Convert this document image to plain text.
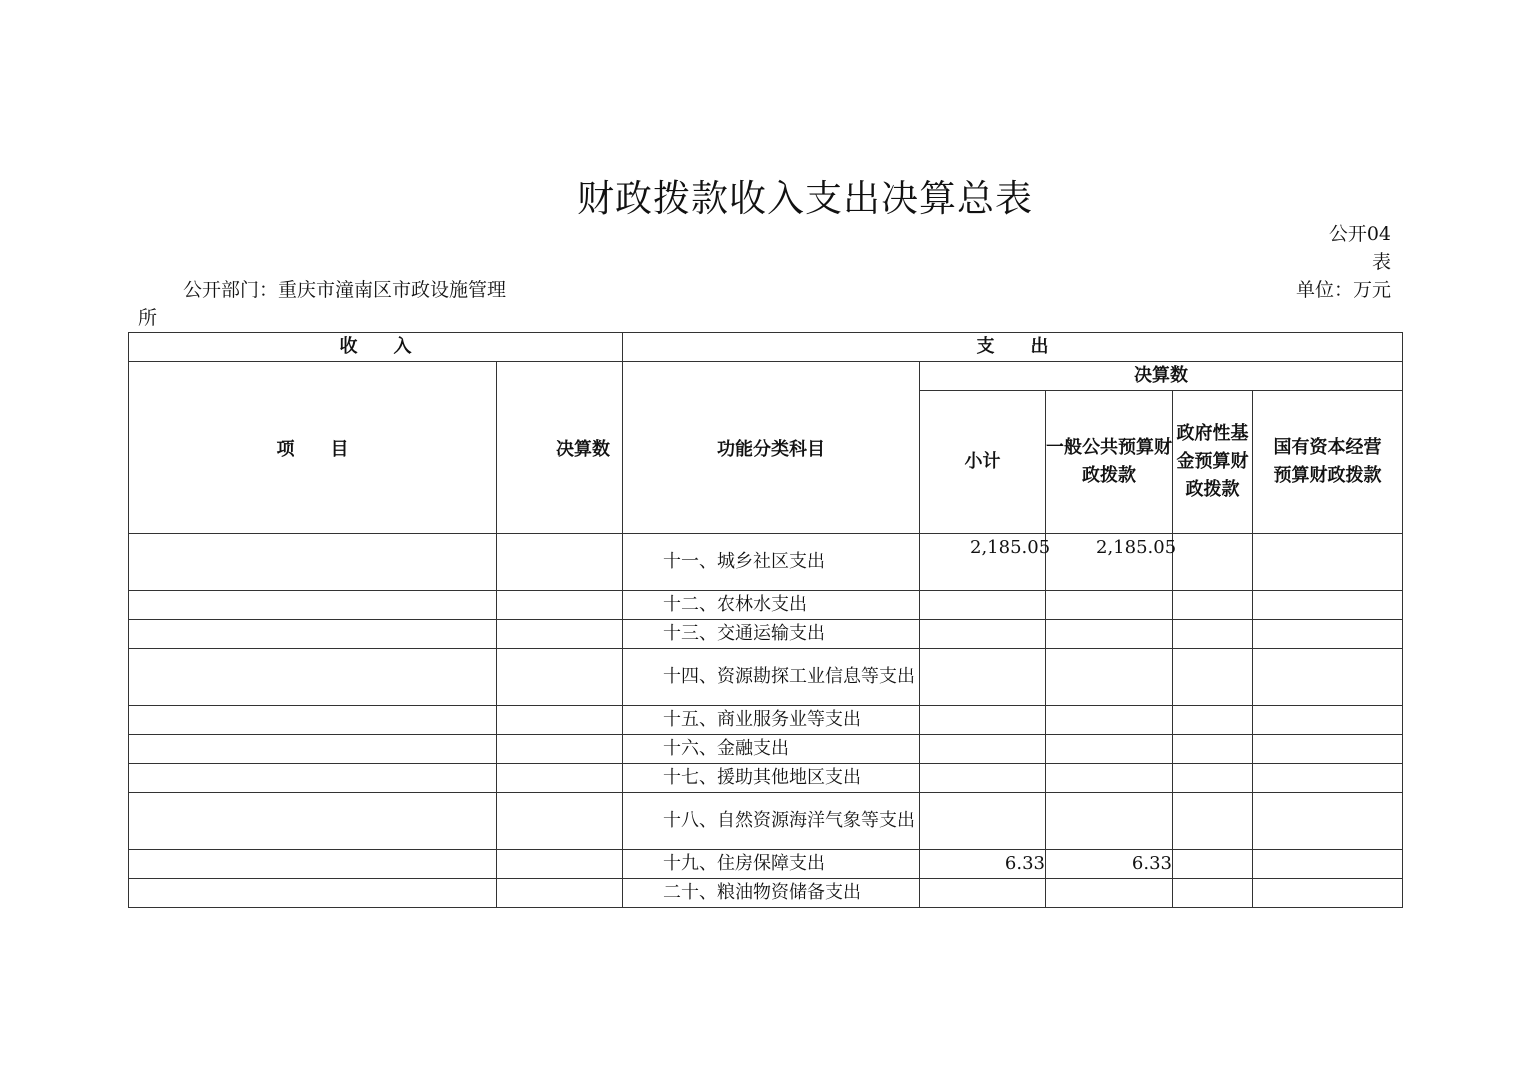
财政拨款收入支出决算总表
公开04表
公开部门：重庆市潼南区市政设施管理所
单位：万元
收　　入		支　　出				
项　　目	决算数	功能分类科目	决算数			
			小计	一般公共预算财政拨款	政府性基金预算财政拨款	国有资本经营预算财政拨款
		十一、城乡社区支出	2,185.05	2,185.05		
		十二、农林水支出				
		十三、交通运输支出				
		十四、资源勘探工业信息等支出				
		十五、商业服务业等支出				
		十六、金融支出				
		十七、援助其他地区支出				
		十八、自然资源海洋气象等支出				
		十九、住房保障支出	6.33	6.33		
		二十、粮油物资储备支出				
